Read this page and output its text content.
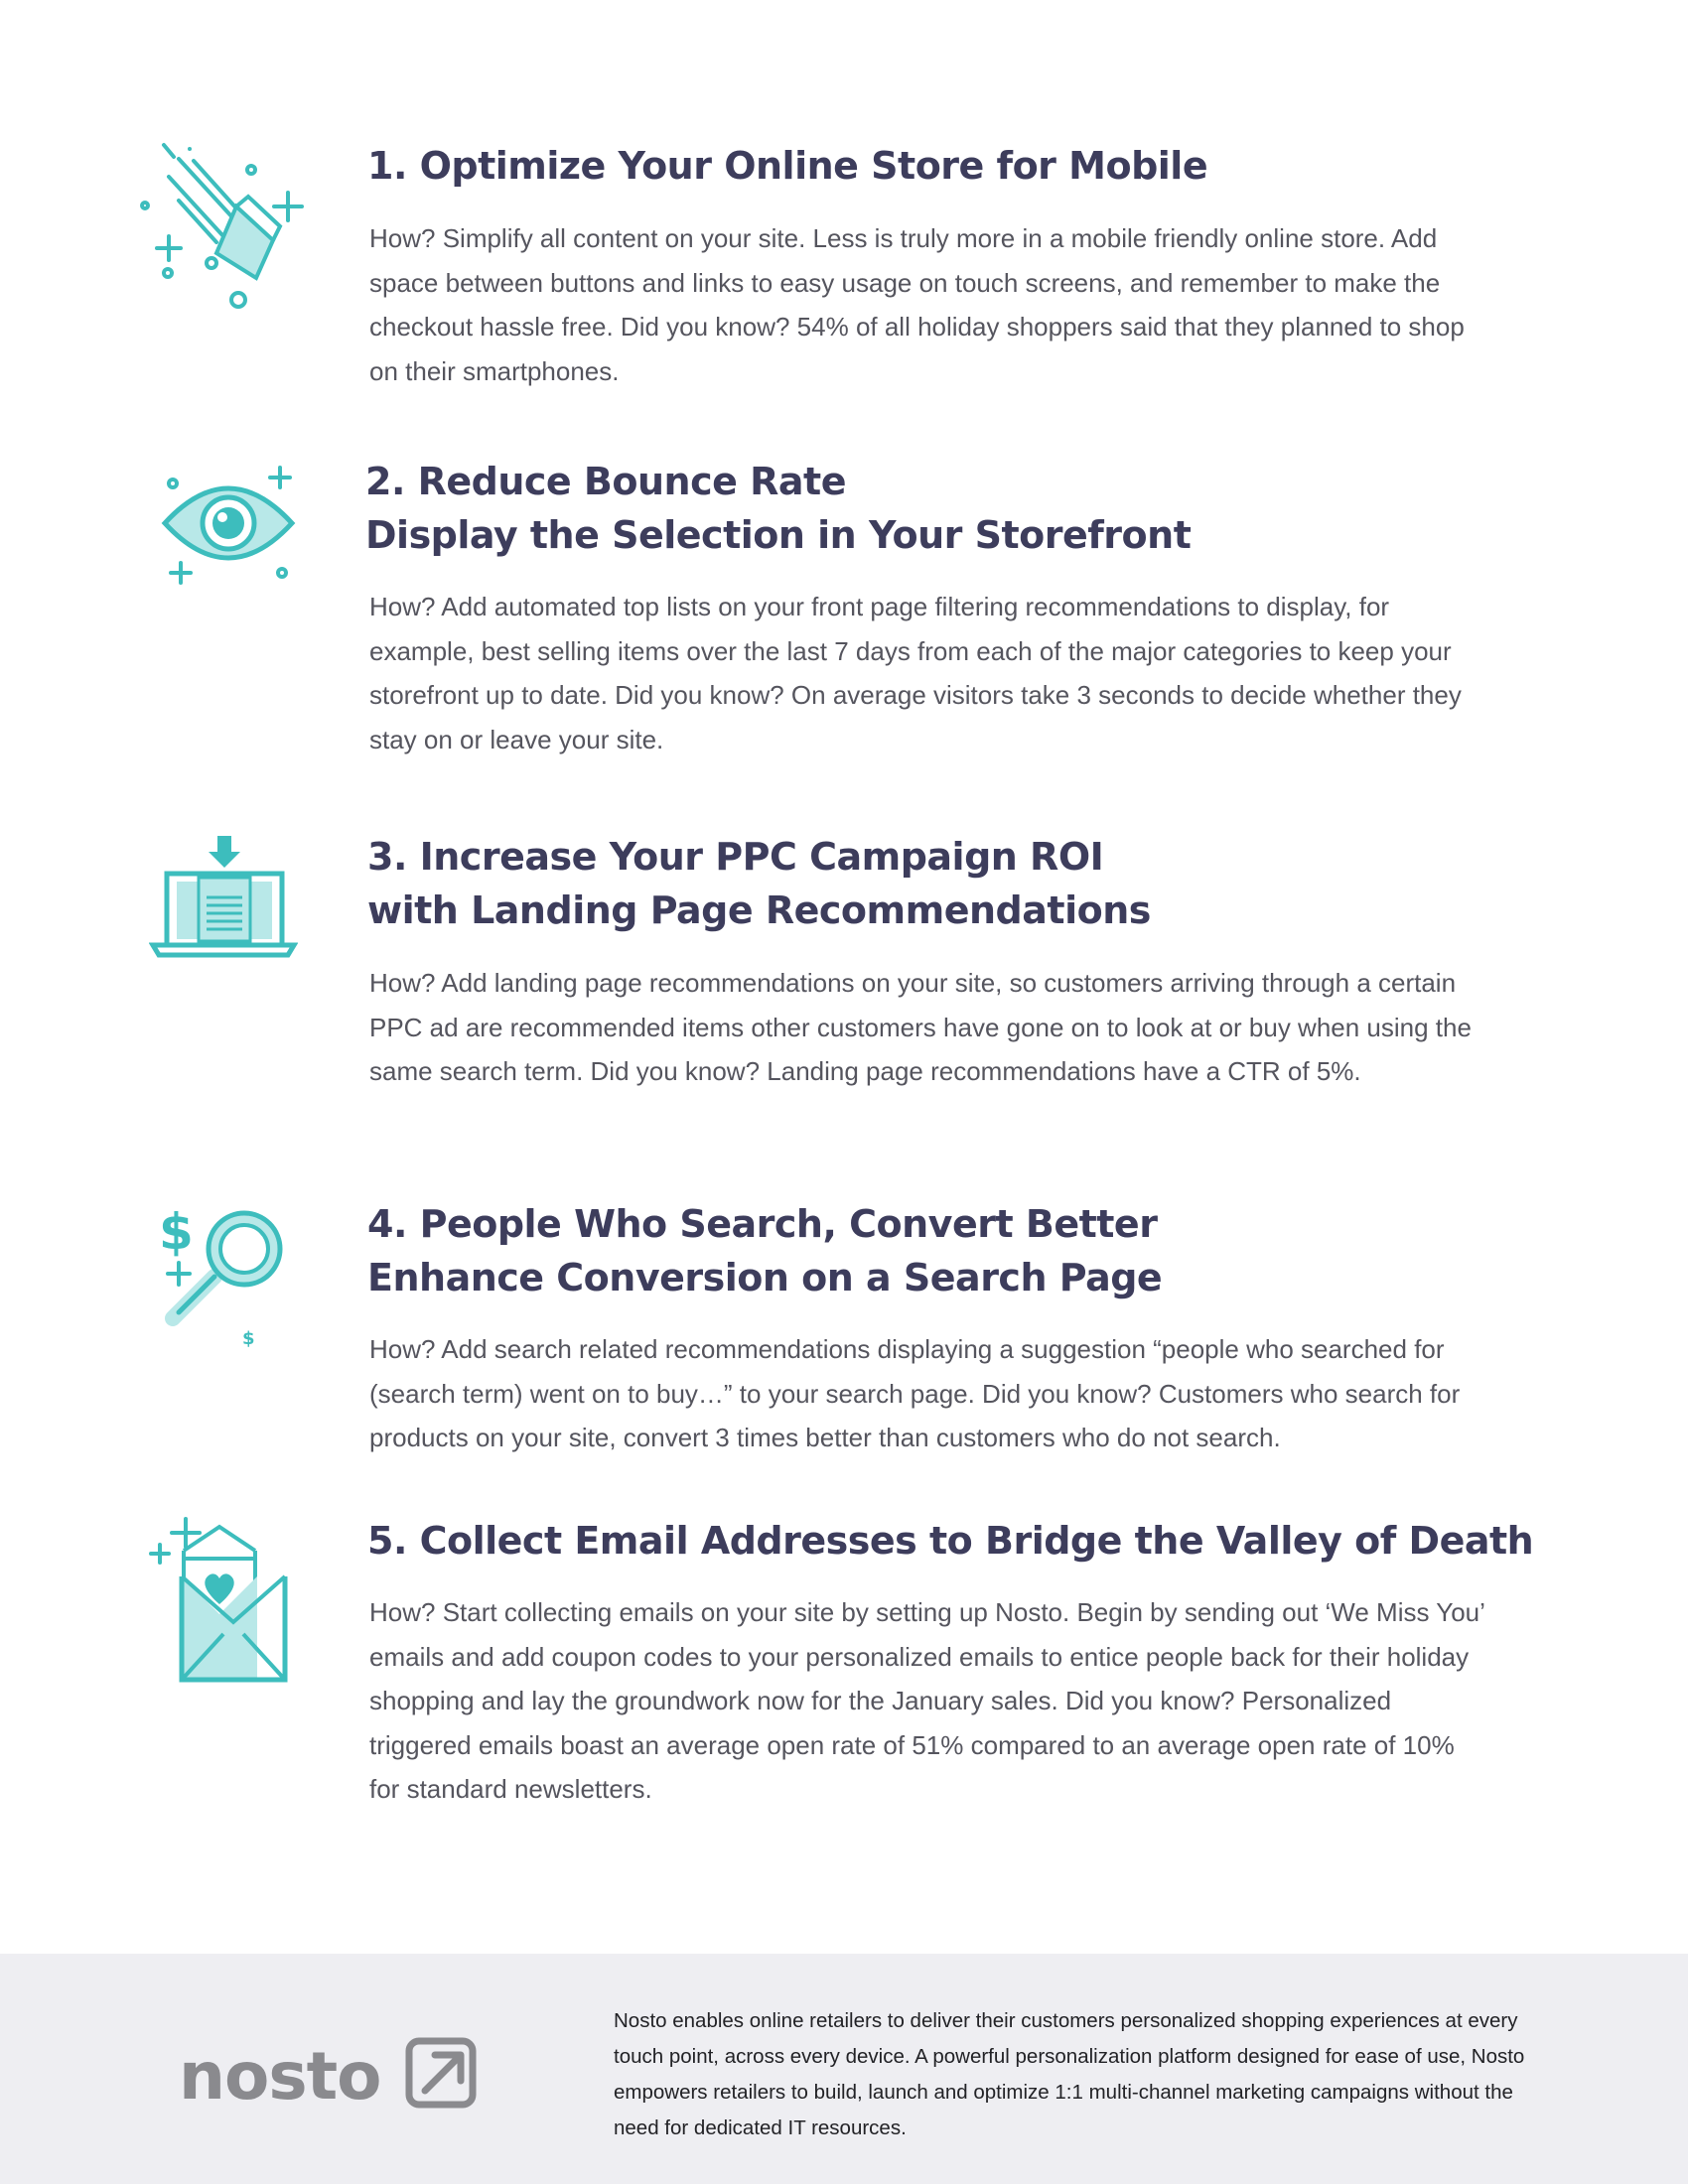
1. Optimize Your Online Store for Mobile

How? Simplify all content on your site. Less is truly more in a mobile friendly online store. Add space between buttons and links to easy usage on touch screens, and remember to make the checkout hassle free. Did you know? 54% of all holiday shoppers said that they planned to shop on their smartphones.

2. Reduce Bounce Rate
Display the Selection in Your Storefront

How? Add automated top lists on your front page filtering recommendations to display, for example, best selling items over the last 7 days from each of the major categories to keep your storefront up to date. Did you know? On average visitors take 3 seconds to decide whether they stay on or leave your site.

3. Increase Your PPC Campaign ROI
with Landing Page Recommendations

How? Add landing page recommendations on your site, so customers arriving through a certain PPC ad are recommended items other customers have gone on to look at or buy when using the same search term. Did you know? Landing page recommendations have a CTR of 5%.

$
$
4. People Who Search, Convert Better
Enhance Conversion on a Search Page

How? Add search related recommendations displaying a suggestion “people who searched for (search term) went on to buy…” to your search page. Did you know? Customers who search for products on your site, convert 3 times better than customers who do not search.

5. Collect Email Addresses to Bridge the Valley of Death

How? Start collecting emails on your site by setting up Nosto. Begin by sending out ‘We Miss You’ emails and add coupon codes to your personalized emails to entice people back for their holiday shopping and lay the groundwork now for the January sales. Did you know? Personalized triggered emails boast an average open rate of 51% compared to an average open rate of 10% for standard newsletters.

nosto

Nosto enables online retailers to deliver their customers personalized shopping experiences at every touch point, across every device. A powerful personalization platform designed for ease of use, Nosto empowers retailers to build, launch and optimize 1:1 multi-channel marketing campaigns without the need for dedicated IT resources.
